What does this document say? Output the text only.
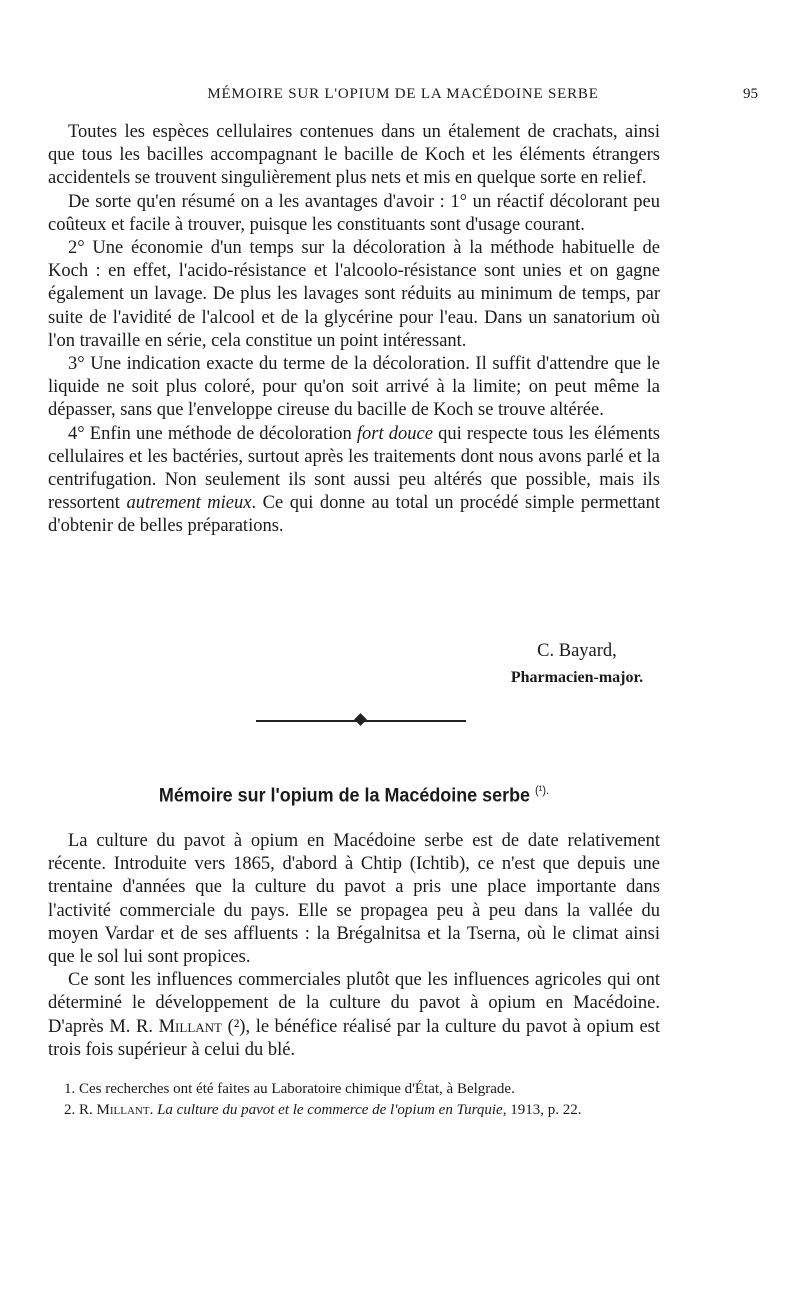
MÉMOIRE SUR L'OPIUM DE LA MACÉDOINE SERBE	95

Toutes les espèces cellulaires contenues dans un étalement de crachats, ainsi que tous les bacilles accompagnant le bacille de Koch et les éléments étrangers accidentels se trouvent singulièrement plus nets et mis en quelque sorte en relief.

De sorte qu'en résumé on a les avantages d'avoir : 1° un réactif décolorant peu coûteux et facile à trouver, puisque les constituants sont d'usage courant.

2° Une économie d'un temps sur la décoloration à la méthode habituelle de Koch : en effet, l'acido-résistance et l'alcoolo-résistance sont unies et on gagne également un lavage. De plus les lavages sont réduits au minimum de temps, par suite de l'avidité de l'alcool et de la glycérine pour l'eau. Dans un sanatorium où l'on travaille en série, cela constitue un point intéressant.

3° Une indication exacte du terme de la décoloration. Il suffit d'attendre que le liquide ne soit plus coloré, pour qu'on soit arrivé à la limite; on peut même la dépasser, sans que l'enveloppe cireuse du bacille de Koch se trouve altérée.

4° Enfin une méthode de décoloration fort douce qui respecte tous les éléments cellulaires et les bactéries, surtout après les traitements dont nous avons parlé et la centrifugation. Non seulement ils sont aussi peu altérés que possible, mais ils ressortent autrement mieux. Ce qui donne au total un procédé simple permettant d'obtenir de belles préparations.

C. Bayard,
Pharmacien-major.
Mémoire sur l'opium de la Macédoine serbe $^{(^1).}$

La culture du pavot à opium en Macédoine serbe est de date relativement récente. Introduite vers 1865, d'abord à Chtip (Ichtib), ce n'est que depuis une trentaine d'années que la culture du pavot a pris une place importante dans l'activité commerciale du pays. Elle se propagea peu à peu dans la vallée du moyen Vardar et de ses affluents : la Brégalnitsa et la Tserna, où le climat ainsi que le sol lui sont propices.

Ce sont les influences commerciales plutôt que les influences agricoles qui ont déterminé le développement de la culture du pavot à opium en Macédoine. D'après M. R. Millant (²), le bénéfice réalisé par la culture du pavot à opium est trois fois supérieur à celui du blé.

1. Ces recherches ont été faites au Laboratoire chimique d'État, à Belgrade.

2. R. Millant. La culture du pavot et le commerce de l'opium en Turquie, 1913, p. 22.
